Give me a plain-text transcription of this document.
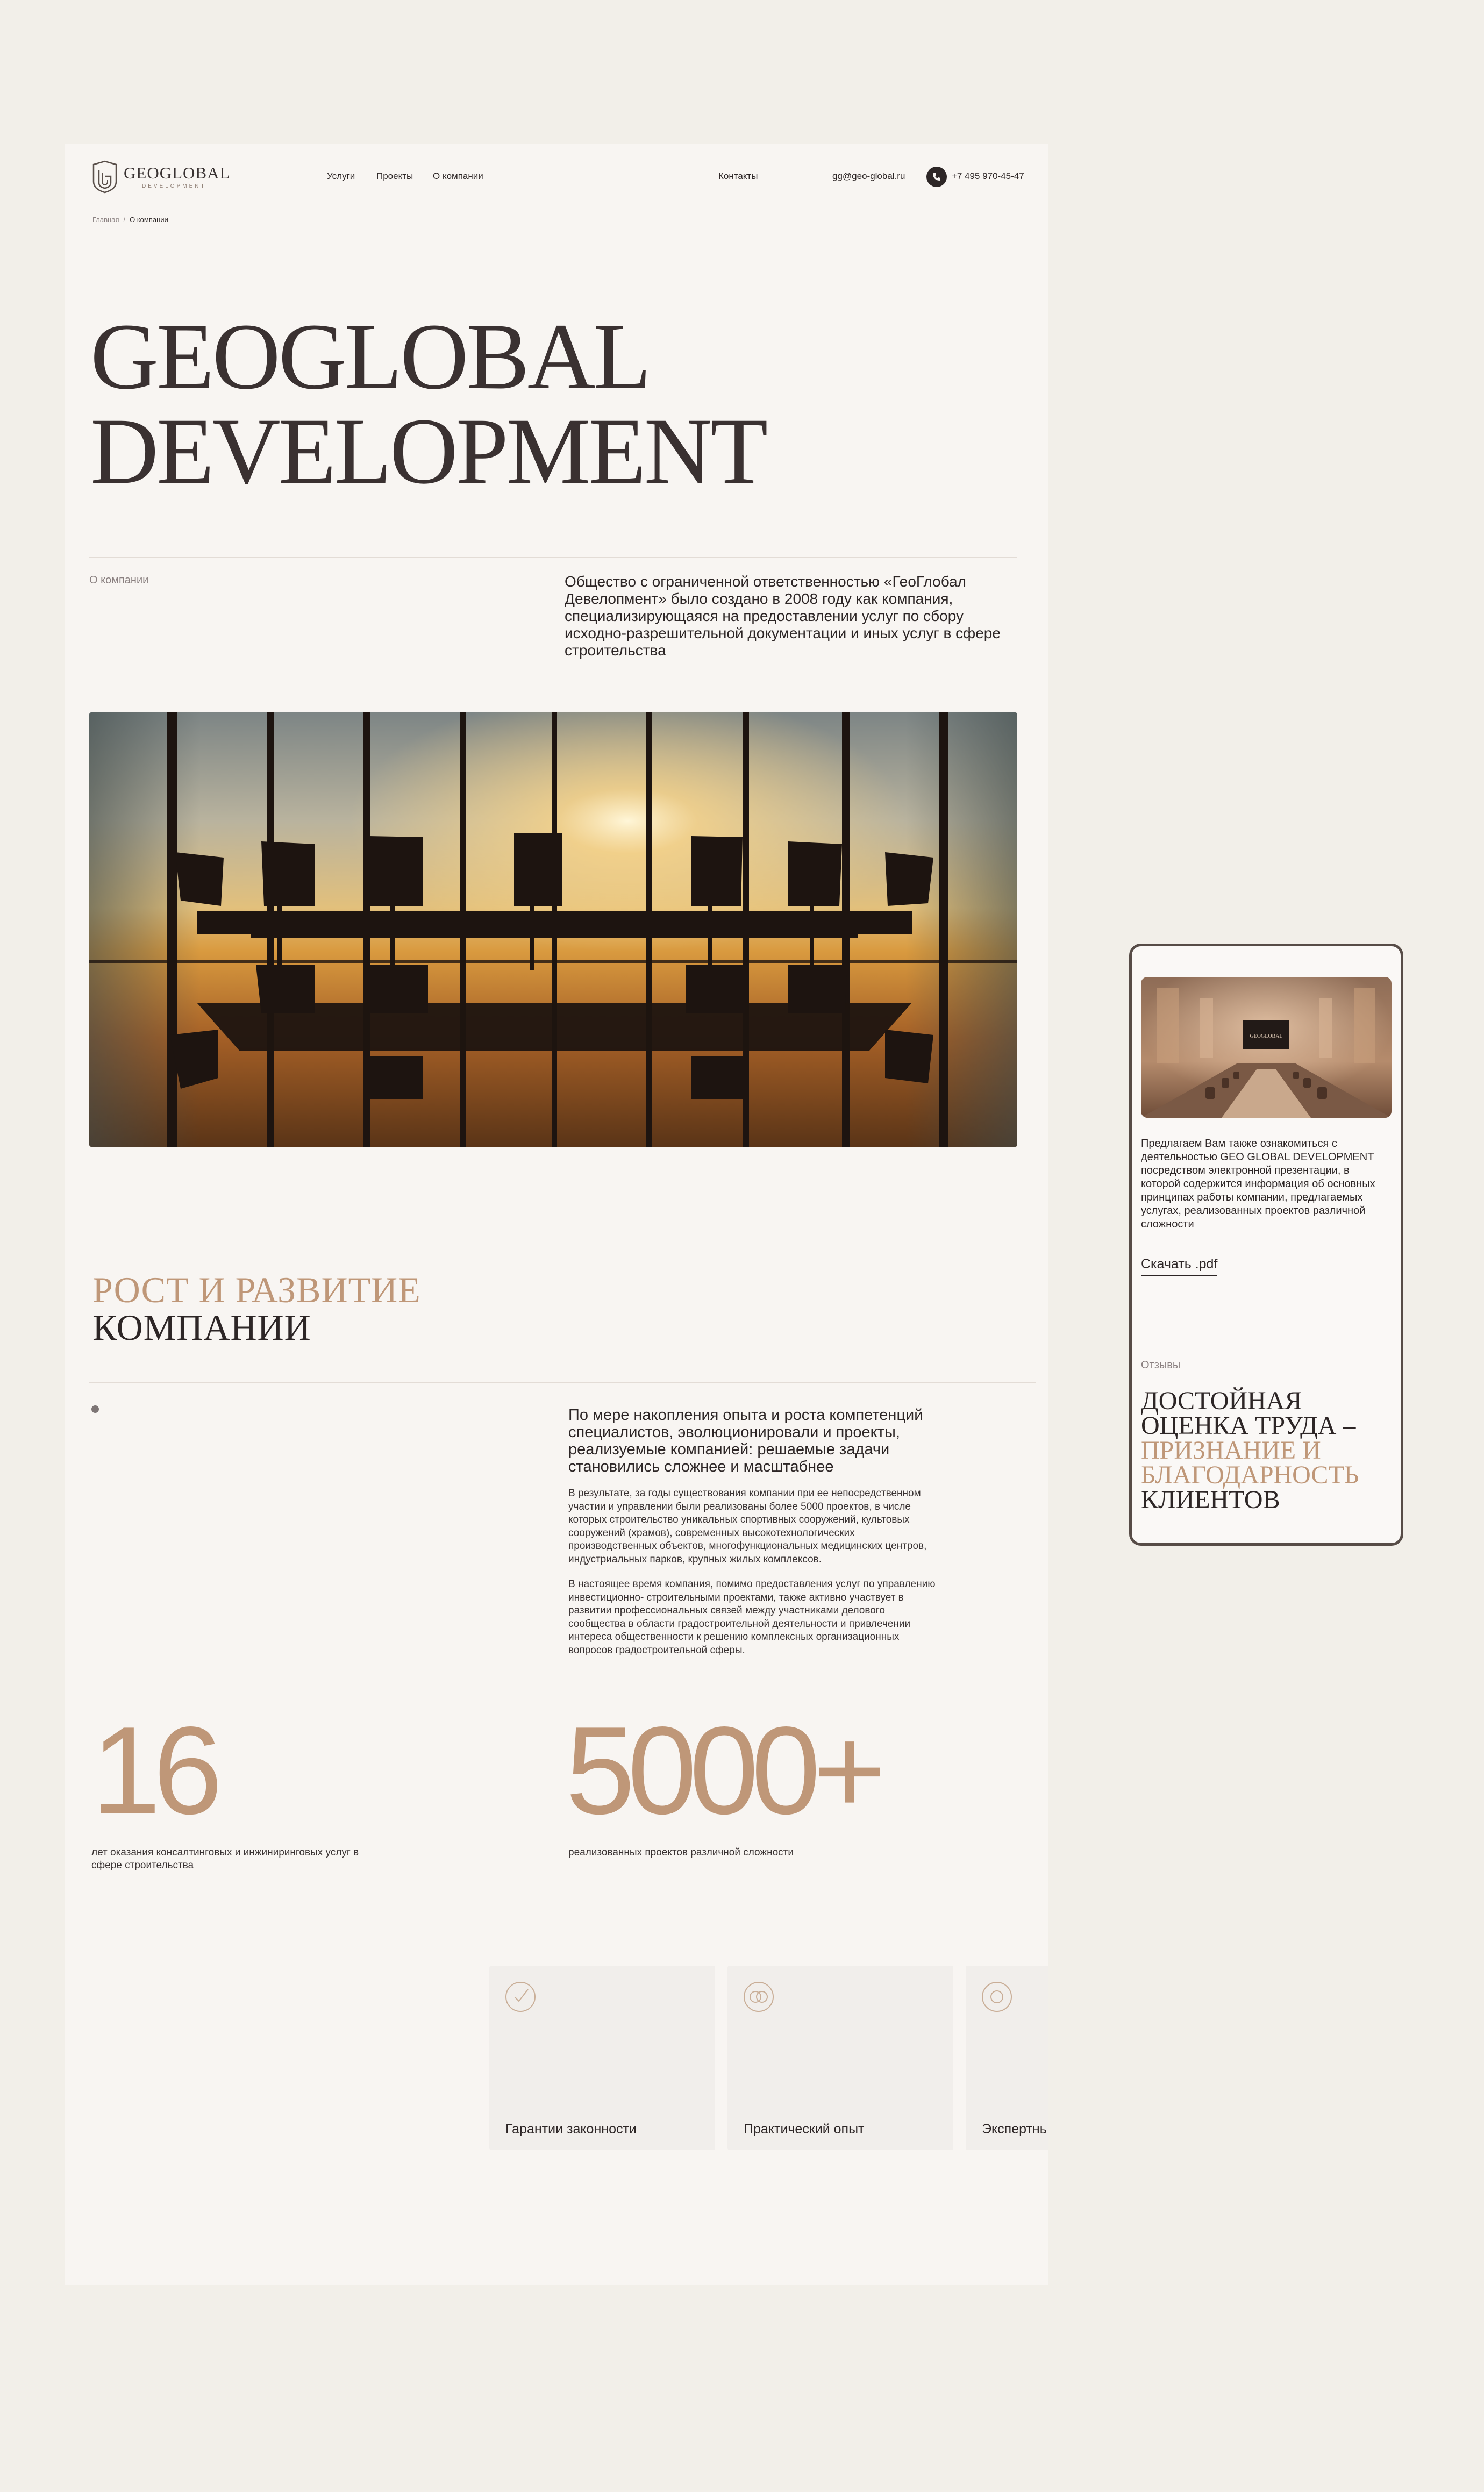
GEOGLOBAL
DEVELOPMENT
Услуги Проекты О компании	Контакты	gg@geo-global.ru	+7 495 970-45-47
Главная / О компании
GEOGLOBAL
DEVELOPMENT
О компании	Общество с ограниченной ответственностью «ГеоГлобал Девелопмент» было создано в 2008 году как компания, специализирующаяся на предоставлении услуг по сбору исходно-разрешительной документации и иных услуг в сфере строительства

РОСТ И РАЗВИТИЕ
КОМПАНИИ

По мере накопления опыта и роста компетенций специалистов, эволюционировали и проекты, реализуемые компанией: решаемые задачи становились сложнее и масштабнее

В результате, за годы существования компании при ее непосредственном участии и управлении были реализованы более 5000 проектов, в числе которых строительство уникальных спортивных сооружений, культовых сооружений (храмов), современных высокотехнологических производственных объектов, многофункциональных медицинских центров, индустриальных парков, крупных жилых комплексов.

В настоящее время компания, помимо предоставления услуг по управлению инвестиционно- строительными проектами, также активно участвует в развитии профессиональных связей между участниками делового сообщества в области градостроительной деятельности и привлечении интереса общественности к решению комплексных организационных вопросов градостроительной сферы.

16
лет оказания консалтинговых и инжиниринговых услуг в сфере строительства
5000+
реализованных проектов различной сложности
Гарантии законности	Практический опыт	Экспертнь
GEOGLOBAL

Предлагаем Вам также ознакомиться с деятельностью GEO GLOBAL DEVELOPMENT посредством электронной презентации, в которой содержится информация об основных принципах работы компании, предлагаемых услугах, реализованных проектов различной сложности

Скачать .pdf
Отзывы
ДОСТОЙНАЯ ОЦЕНКА ТРУДА – ПРИЗНАНИЕ И БЛАГОДАРНОСТЬ КЛИЕНТОВ
